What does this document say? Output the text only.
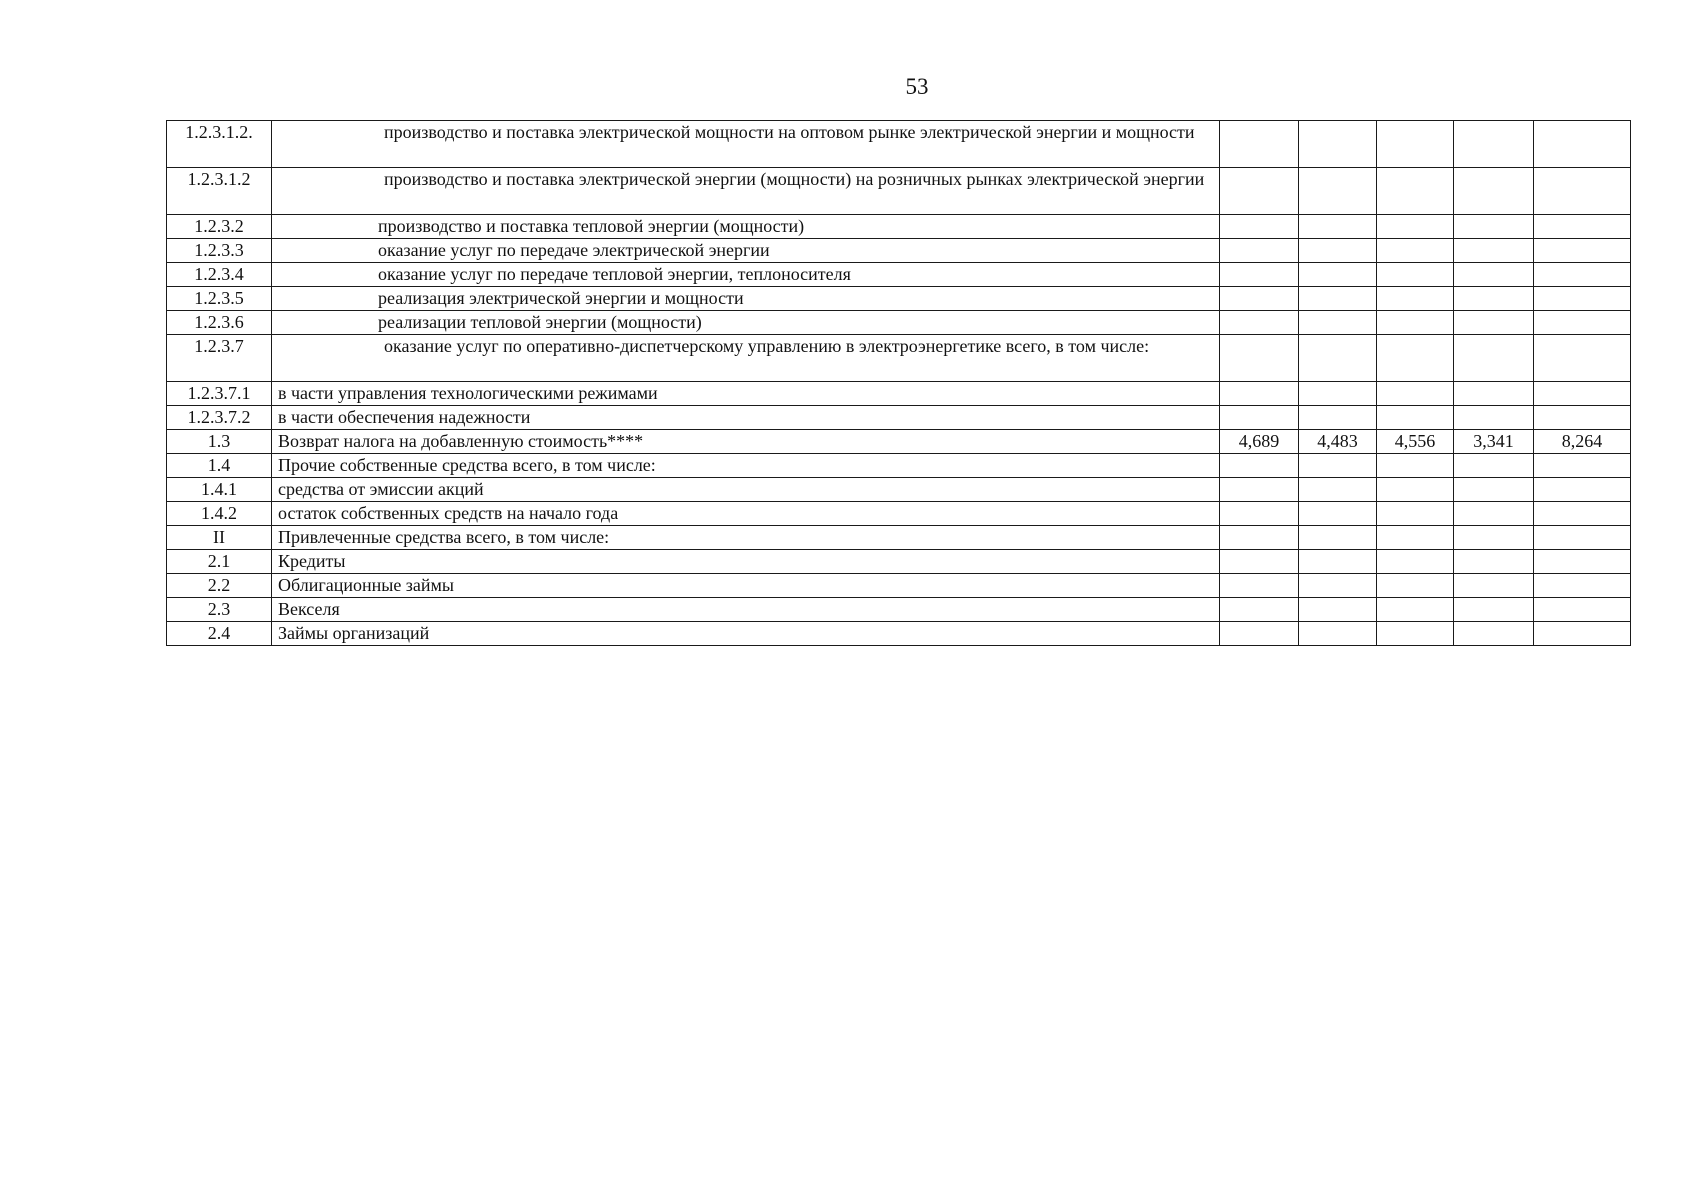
53
1.2.3.1.2.	производство и поставка электрической мощности на оптовом рынке электрической энергии и мощности					
1.2.3.1.2	производство и поставка электрической энергии (мощности) на розничных рынках электрической энергии					
1.2.3.2	производство и поставка тепловой энергии (мощности)					
1.2.3.3	оказание услуг по передаче электрической энергии					
1.2.3.4	оказание услуг по передаче тепловой энергии, теплоносителя					
1.2.3.5	реализация электрической энергии и мощности					
1.2.3.6	реализации тепловой энергии (мощности)					
1.2.3.7	оказание услуг по оперативно-диспетчерскому управлению в электроэнергетике всего, в том числе:					
1.2.3.7.1	в части управления технологическими режимами					
1.2.3.7.2	в части обеспечения надежности					
1.3	Возврат налога на добавленную стоимость****	4,689	4,483	4,556	3,341	8,264
1.4	Прочие собственные средства всего, в том числе:					
1.4.1	средства от эмиссии акций					
1.4.2	остаток собственных средств на начало года					
II	Привлеченные средства всего, в том числе:					
2.1	Кредиты					
2.2	Облигационные займы					
2.3	Векселя					
2.4	Займы организаций					
